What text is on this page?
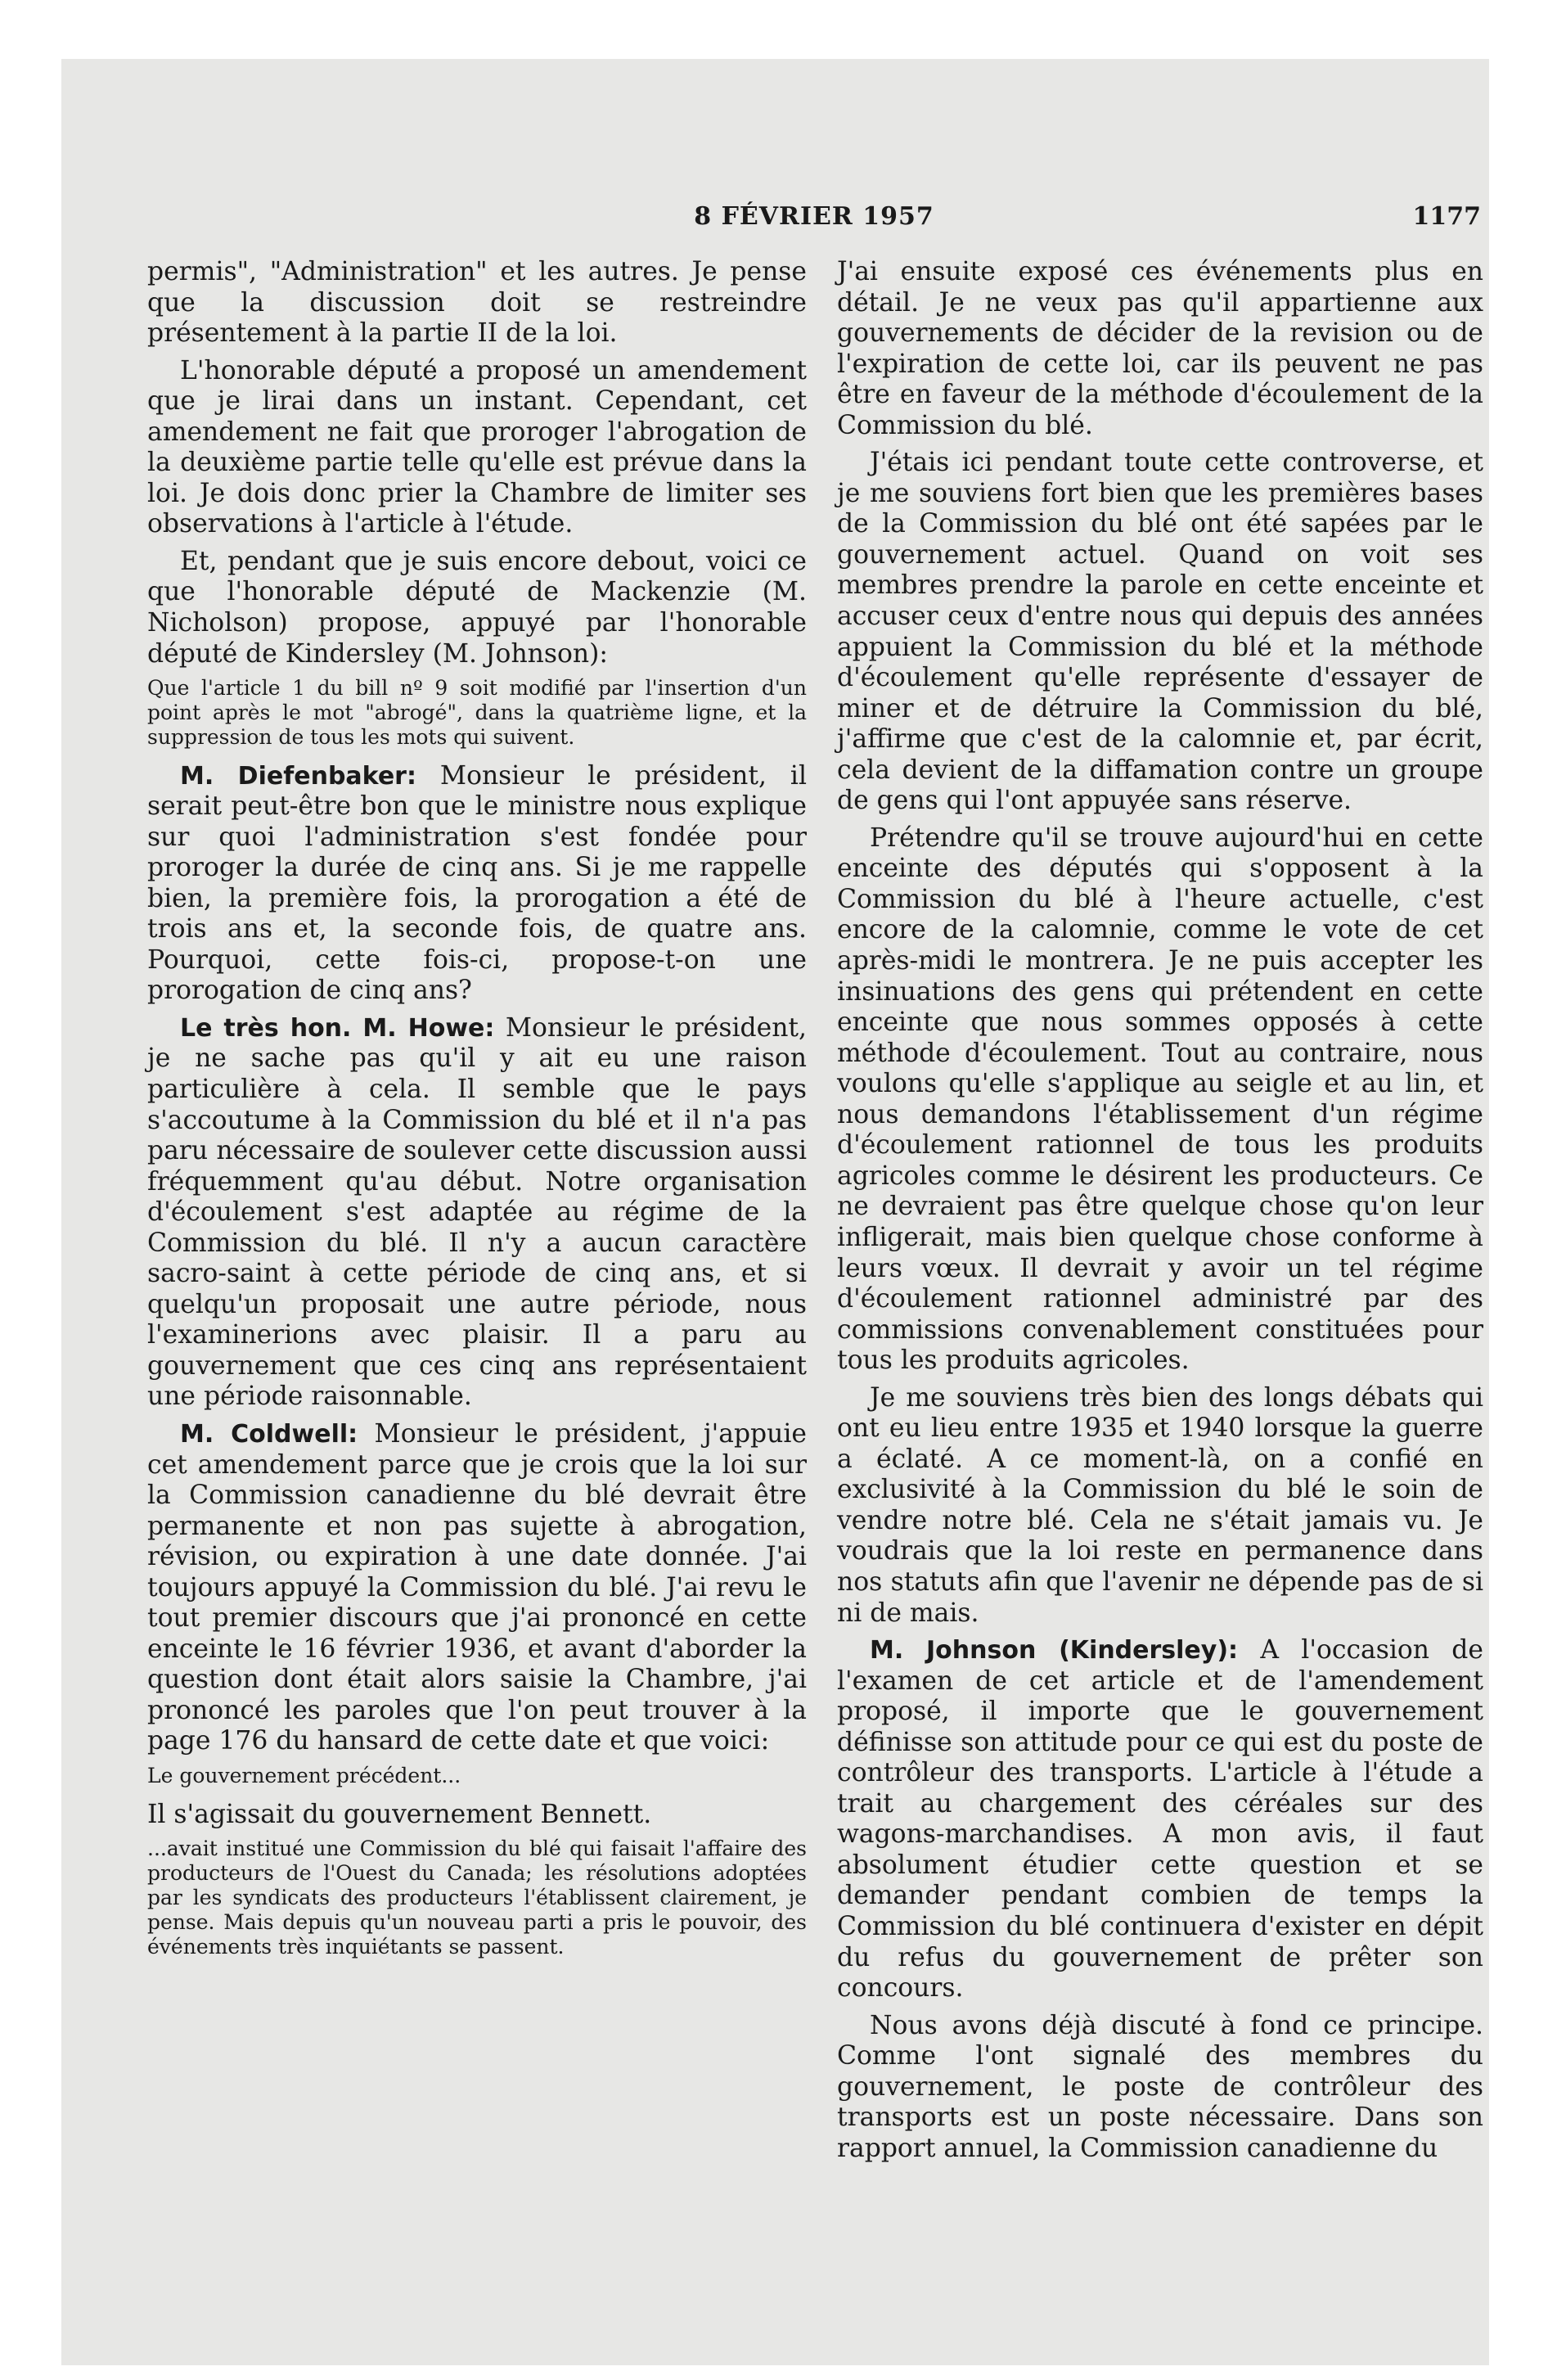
8 FÉVRIER 1957	1177

permis", "Administration" et les autres. Je pense que la discussion doit se restreindre présentement à la partie II de la loi.

L'honorable député a proposé un amendement que je lirai dans un instant. Cependant, cet amendement ne fait que proroger l'abrogation de la deuxième partie telle qu'elle est prévue dans la loi. Je dois donc prier la Chambre de limiter ses observations à l'article à l'étude.

Et, pendant que je suis encore debout, voici ce que l'honorable député de Mackenzie (M. Nicholson) propose, appuyé par l'honorable député de Kindersley (M. Johnson):

Que l'article 1 du bill nº 9 soit modifié par l'insertion d'un point après le mot "abrogé", dans la quatrième ligne, et la suppression de tous les mots qui suivent.

M. Diefenbaker: Monsieur le président, il serait peut-être bon que le ministre nous explique sur quoi l'administration s'est fondée pour proroger la durée de cinq ans. Si je me rappelle bien, la première fois, la prorogation a été de trois ans et, la seconde fois, de quatre ans. Pourquoi, cette fois-ci, propose-t-on une prorogation de cinq ans?

Le très hon. M. Howe: Monsieur le président, je ne sache pas qu'il y ait eu une raison particulière à cela. Il semble que le pays s'accoutume à la Commission du blé et il n'a pas paru nécessaire de soulever cette discussion aussi fréquemment qu'au début. Notre organisation d'écoulement s'est adaptée au régime de la Commission du blé. Il n'y a aucun caractère sacro-saint à cette période de cinq ans, et si quelqu'un proposait une autre période, nous l'examinerions avec plaisir. Il a paru au gouvernement que ces cinq ans représentaient une période raisonnable.

M. Coldwell: Monsieur le président, j'appuie cet amendement parce que je crois que la loi sur la Commission canadienne du blé devrait être permanente et non pas sujette à abrogation, révision, ou expiration à une date donnée. J'ai toujours appuyé la Commission du blé. J'ai revu le tout premier discours que j'ai prononcé en cette enceinte le 16 février 1936, et avant d'aborder la question dont était alors saisie la Chambre, j'ai prononcé les paroles que l'on peut trouver à la page 176 du hansard de cette date et que voici:

Le gouvernement précédent...

Il s'agissait du gouvernement Bennett.

...avait institué une Commission du blé qui faisait l'affaire des producteurs de l'Ouest du Canada; les résolutions adoptées par les syndicats des producteurs l'établissent clairement, je pense. Mais depuis qu'un nouveau parti a pris le pouvoir, des événements très inquiétants se passent.

J'ai ensuite exposé ces événements plus en détail. Je ne veux pas qu'il appartienne aux gouvernements de décider de la revision ou de l'expiration de cette loi, car ils peuvent ne pas être en faveur de la méthode d'écoulement de la Commission du blé.

J'étais ici pendant toute cette controverse, et je me souviens fort bien que les premières bases de la Commission du blé ont été sapées par le gouvernement actuel. Quand on voit ses membres prendre la parole en cette enceinte et accuser ceux d'entre nous qui depuis des années appuient la Commission du blé et la méthode d'écoulement qu'elle représente d'essayer de miner et de détruire la Commission du blé, j'affirme que c'est de la calomnie et, par écrit, cela devient de la diffamation contre un groupe de gens qui l'ont appuyée sans réserve.

Prétendre qu'il se trouve aujourd'hui en cette enceinte des députés qui s'opposent à la Commission du blé à l'heure actuelle, c'est encore de la calomnie, comme le vote de cet après-midi le montrera. Je ne puis accepter les insinuations des gens qui prétendent en cette enceinte que nous sommes opposés à cette méthode d'écoulement. Tout au contraire, nous voulons qu'elle s'applique au seigle et au lin, et nous demandons l'établissement d'un régime d'écoulement rationnel de tous les produits agricoles comme le désirent les producteurs. Ce ne devraient pas être quelque chose qu'on leur infligerait, mais bien quelque chose conforme à leurs vœux. Il devrait y avoir un tel régime d'écoulement rationnel administré par des commissions convenablement constituées pour tous les produits agricoles.

Je me souviens très bien des longs débats qui ont eu lieu entre 1935 et 1940 lorsque la guerre a éclaté. A ce moment-là, on a confié en exclusivité à la Commission du blé le soin de vendre notre blé. Cela ne s'était jamais vu. Je voudrais que la loi reste en permanence dans nos statuts afin que l'avenir ne dépende pas de si ni de mais.

M. Johnson (Kindersley): A l'occasion de l'examen de cet article et de l'amendement proposé, il importe que le gouvernement définisse son attitude pour ce qui est du poste de contrôleur des transports. L'article à l'étude a trait au chargement des céréales sur des wagons-marchandises. A mon avis, il faut absolument étudier cette question et se demander pendant combien de temps la Commission du blé continuera d'exister en dépit du refus du gouvernement de prêter son concours.

Nous avons déjà discuté à fond ce principe. Comme l'ont signalé des membres du gouvernement, le poste de contrôleur des transports est un poste nécessaire. Dans son rapport annuel, la Commission canadienne du
